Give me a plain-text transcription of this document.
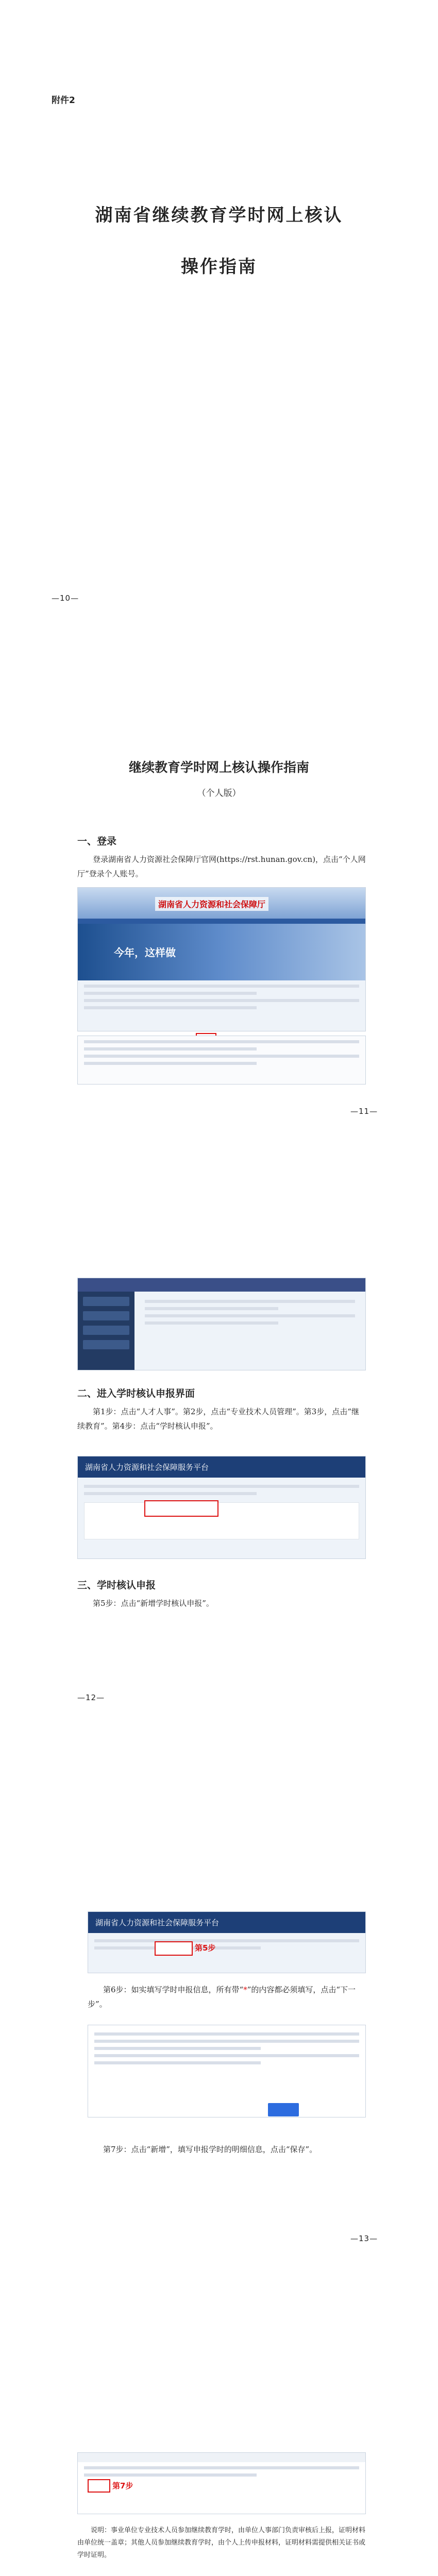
附件2
湖南省继续教育学时网上核认
操作指南
—10—
继续教育学时网上核认操作指南
（个人版）
一、登录
登录湖南省人力资源社会保障厅官网(https://rst.hunan.gov.cn)，点击“个人网厅”登录个人账号。
湖南省人力资源和社会保障厅
今年，这样做
—11—
二、进入学时核认申报界面
第1步：点击“人才人事”。第2步，点击“专业技术人员管理”。第3步，点击“继续教育”。第4步：点击“学时核认申报”。
湖南省人力资源和社会保障服务平台
三、学时核认申报
第5步：点击“新增学时核认申报”。
—12—
湖南省人力资源和社会保障服务平台
第5步
第6步：如实填写学时申报信息，所有带“*”的内容都必须填写，点击“下一步”。
第7步：点击“新增”，填写申报学时的明细信息，点击“保存”。
—13—
第7步
说明：事业单位专业技术人员参加继续教育学时，由单位人事部门负责审核后上报，证明材料由单位统一盖章；其他人员参加继续教育学时，由个人上传申报材料，证明材料需提供相关证书或学时证明。
